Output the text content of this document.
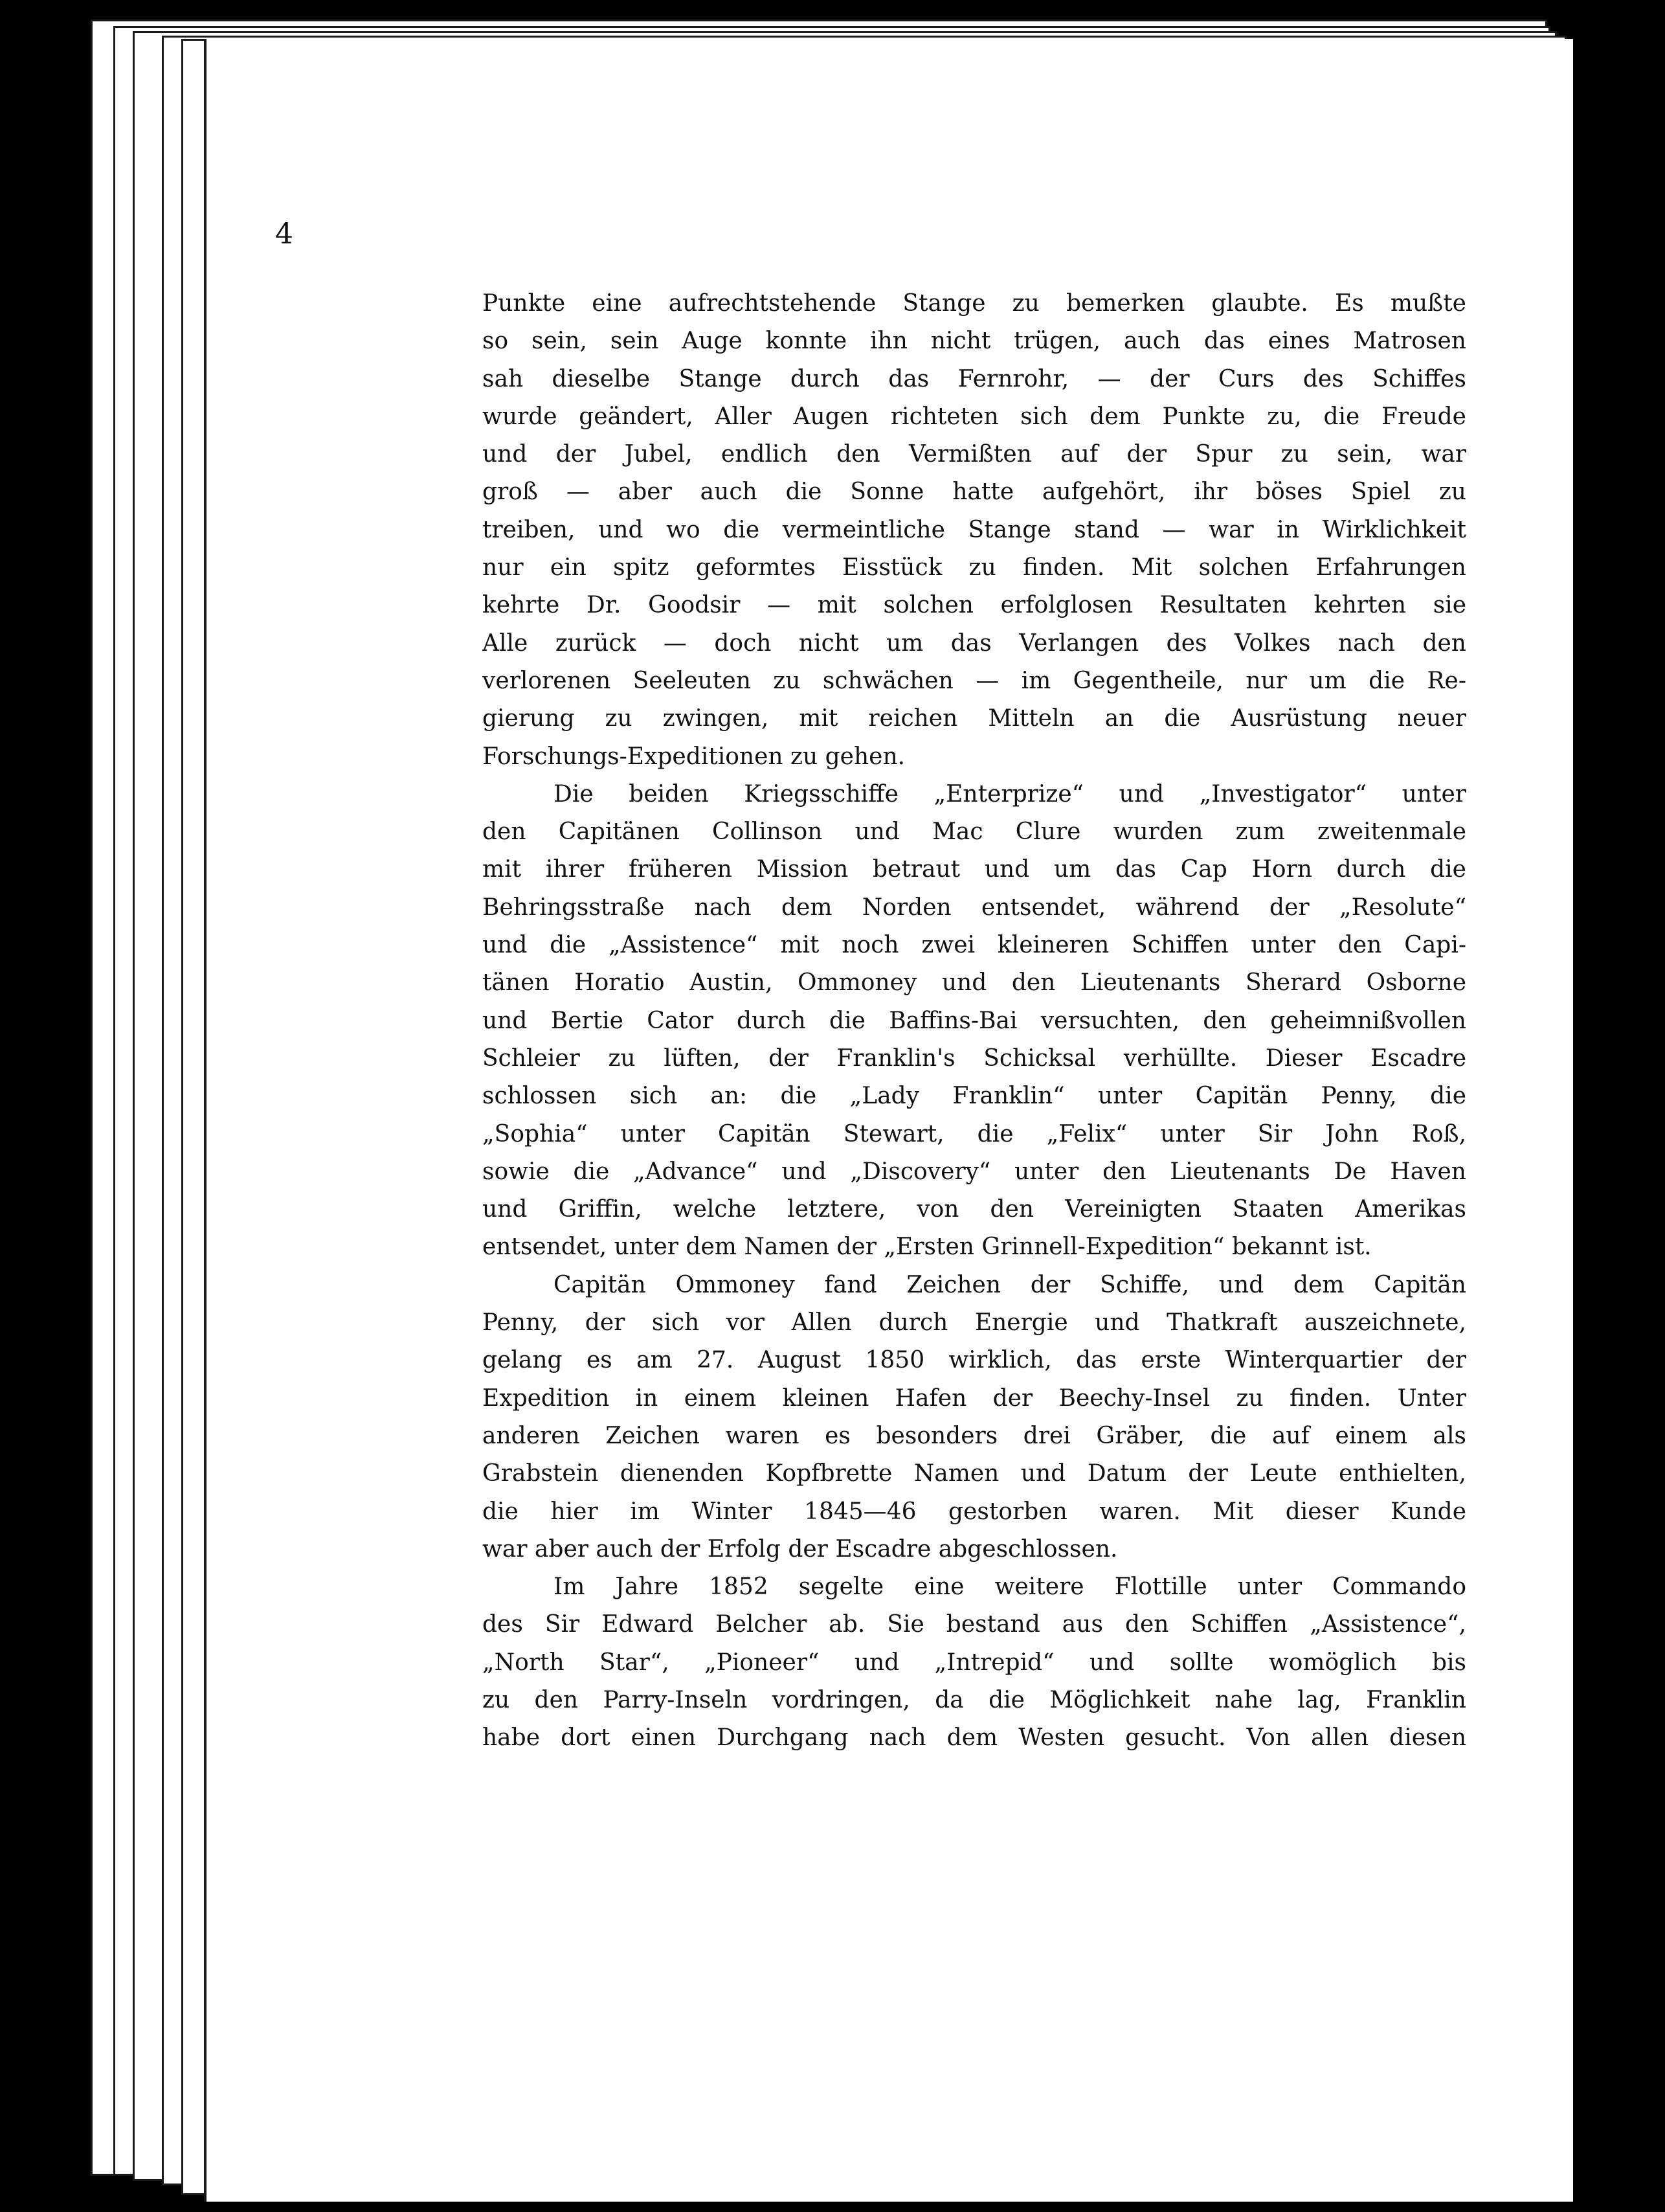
4
Punkte eine aufrechtstehende Stange zu bemerken glaubte. Es mußte
so sein, sein Auge konnte ihn nicht trügen, auch das eines Matrosen
sah dieselbe Stange durch das Fernrohr, — der Curs des Schiffes
wurde geändert, Aller Augen richteten sich dem Punkte zu, die Freude
und der Jubel, endlich den Vermißten auf der Spur zu sein, war
groß — aber auch die Sonne hatte aufgehört, ihr böses Spiel zu
treiben, und wo die vermeintliche Stange stand — war in Wirklichkeit
nur ein spitz geformtes Eisstück zu finden. Mit solchen Erfahrungen
kehrte Dr. Goodsir — mit solchen erfolglosen Resultaten kehrten sie
Alle zurück — doch nicht um das Verlangen des Volkes nach den
verlorenen Seeleuten zu schwächen — im Gegentheile, nur um die Re-
gierung zu zwingen, mit reichen Mitteln an die Ausrüstung neuer
Forschungs-Expeditionen zu gehen.
Die beiden Kriegsschiffe „Enterprize“ und „Investigator“ unter
den Capitänen Collinson und Mac Clure wurden zum zweitenmale
mit ihrer früheren Mission betraut und um das Cap Horn durch die
Behringsstraße nach dem Norden entsendet, während der „Resolute“
und die „Assistence“ mit noch zwei kleineren Schiffen unter den Capi-
tänen Horatio Austin, Ommoney und den Lieutenants Sherard Osborne
und Bertie Cator durch die Baffins-Bai versuchten, den geheimnißvollen
Schleier zu lüften, der Franklin's Schicksal verhüllte. Dieser Escadre
schlossen sich an: die „Lady Franklin“ unter Capitän Penny, die
„Sophia“ unter Capitän Stewart, die „Felix“ unter Sir John Roß,
sowie die „Advance“ und „Discovery“ unter den Lieutenants De Haven
und Griffin, welche letztere, von den Vereinigten Staaten Amerikas
entsendet, unter dem Namen der „Ersten Grinnell-Expedition“ bekannt ist.
Capitän Ommoney fand Zeichen der Schiffe, und dem Capitän
Penny, der sich vor Allen durch Energie und Thatkraft auszeichnete,
gelang es am 27. August 1850 wirklich, das erste Winterquartier der
Expedition in einem kleinen Hafen der Beechy-Insel zu finden. Unter
anderen Zeichen waren es besonders drei Gräber, die auf einem als
Grabstein dienenden Kopfbrette Namen und Datum der Leute enthielten,
die hier im Winter 1845—46 gestorben waren. Mit dieser Kunde
war aber auch der Erfolg der Escadre abgeschlossen.
Im Jahre 1852 segelte eine weitere Flottille unter Commando
des Sir Edward Belcher ab. Sie bestand aus den Schiffen „Assistence“,
„North Star“, „Pioneer“ und „Intrepid“ und sollte womöglich bis
zu den Parry-Inseln vordringen, da die Möglichkeit nahe lag, Franklin
habe dort einen Durchgang nach dem Westen gesucht. Von allen diesen
